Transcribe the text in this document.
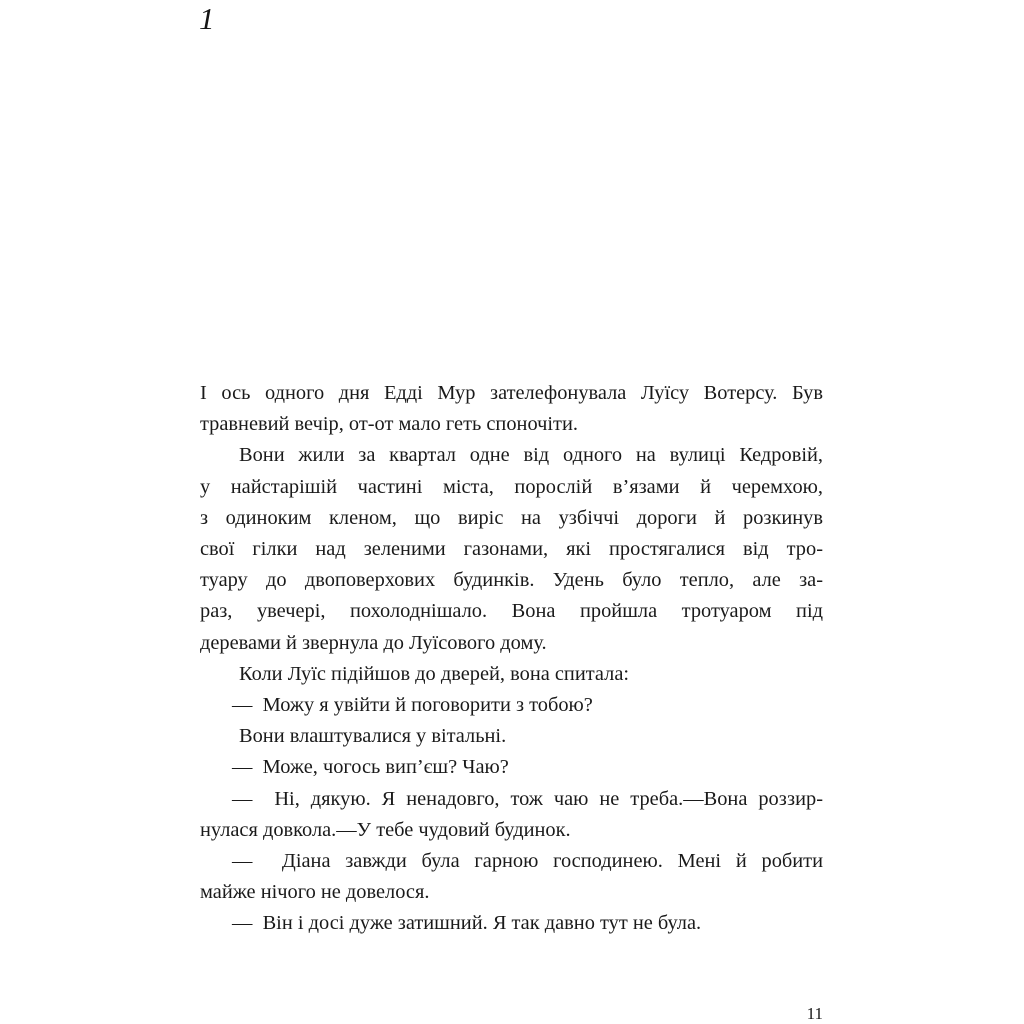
1

І ось одного дня Едді Мур зателефонувала Луїсу Вотерсу. Був
травневий вечір, от-от мало геть споночіти.

Вони жили за квартал одне від одного на вулиці Кедровій,
у найстарішій частині міста, порослій в’язами й черемхою,
з одиноким кленом, що виріс на узбіччі дороги й розкинув
свої гілки над зеленими газонами, які простягалися від тро-
туару до двоповерхових будинків. Удень було тепло, але за-
раз, увечері, похолоднішало. Вона пройшла тротуаром під
деревами й звернула до Луїсового дому.

Коли Луїс підійшов до дверей, вона спитала:

—  Можу я увійти й поговорити з тобою?

Вони влаштувалися у вітальні.

—  Може, чогось вип’єш? Чаю?

—  Ні, дякую. Я ненадовго, тож чаю не треба.—Вона роззир-
нулася довкола.—У тебе чудовий будинок.

—  Діана завжди була гарною господинею. Мені й робити
майже нічого не довелося.

—  Він і досі дуже затишний. Я так давно тут не була.

11
